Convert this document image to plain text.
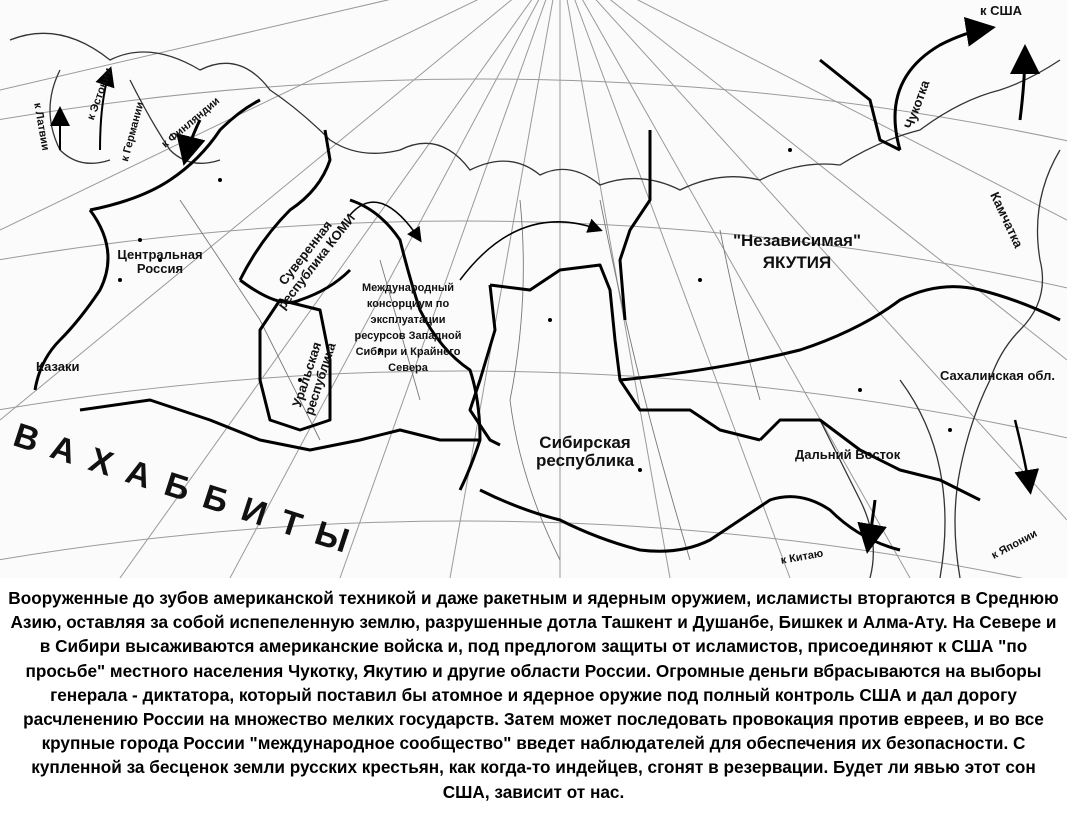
к Финляндии
к Латвии
к Эстонии
к Германии
Центральная Россия	Суверенная республика КОМИ Международный консорциум по эксплуатации ресурсов Западной Сибири и Крайнего Севера
Уральская республика
Казаки
ВАХАББИТЫ	Сибирская республика
"Независимая"
ЯКУТИЯ
Сахалинская обл.
Дальний Восток
Чукотка
Камчатка
к США
к Китаю	к Японии
Вооруженные до зубов американской техникой и даже ракетным и ядерным оружием, исламисты вторгаются в Среднюю Азию, оставляя за собой испепеленную землю, разрушенные дотла Ташкент и Душанбе, Бишкек и Алма-Ату. На Севере и в Сибири высаживаются американские войска и, под предлогом защиты от исламистов, присоединяют к США "по просьбе" местного населения Чукотку, Якутию и другие области России. Огромные деньги вбрасываются на выборы генерала - диктатора, который поставил бы атомное и ядерное оружие под полный контроль США и дал дорогу расчленению России на множество мелких государств. Затем может последовать провокация против евреев, и во все крупные города России "международное сообщество" введет наблюдателей для обеспечения их безопасности. С купленной за бесценок земли русских крестьян, как когда-то индейцев, сгонят в резервации. Будет ли явью этот сон США, зависит от нас.
